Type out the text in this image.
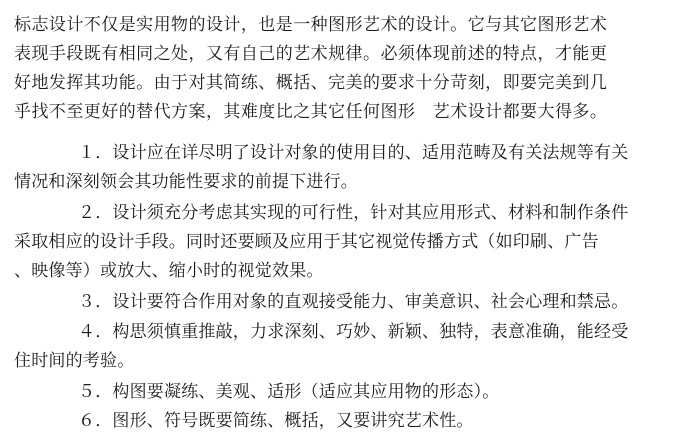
标志设计不仅是实用物的设计，也是一种图形艺术的设计。它与其它图形艺术
表现手段既有相同之处，又有自己的艺术规律。必须体现前述的特点，才能更
好地发挥其功能。由于对其简练、概括、完美的要求十分苛刻，即要完美到几
乎找不至更好的替代方案，其难度比之其它任何图形　艺术设计都要大得多。
１．设计应在详尽明了设计对象的使用目的、适用范畴及有关法规等有关
情况和深刻领会其功能性要求的前提下进行。
２．设计须充分考虑其实现的可行性，针对其应用形式、材料和制作条件
采取相应的设计手段。同时还要顾及应用于其它视觉传播方式（如印刷、广告
、映像等）或放大、缩小时的视觉效果。
３．设计要符合作用对象的直观接受能力、审美意识、社会心理和禁忌。
４．构思须慎重推敲，力求深刻、巧妙、新颖、独特，表意准确，能经受
住时间的考验。
５．构图要凝练、美观、适形（适应其应用物的形态）。
６．图形、符号既要简练、概括，又要讲究艺术性。
